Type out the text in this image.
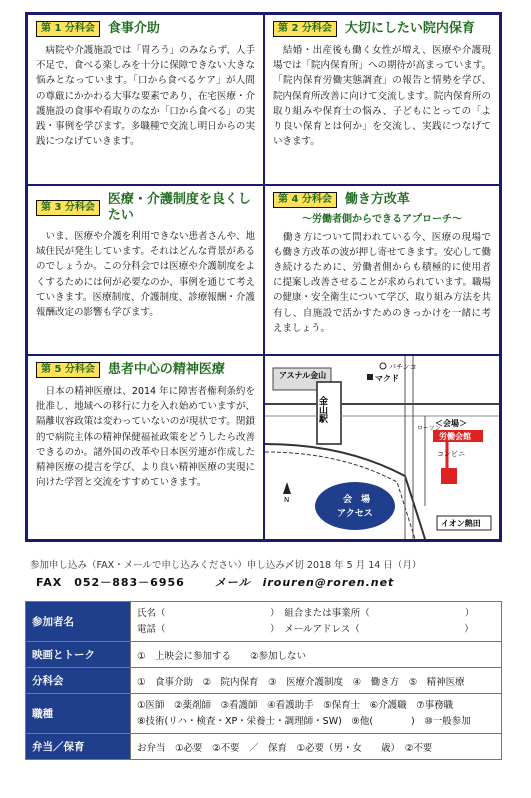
第 1 分科会	食事介助
　病院や介護施設では「胃ろう」のみならず、人手不足で、食べる楽しみを十分に保障できない大きな悩みとなっています。「口から食べるケア」が人間の尊厳にかかわる大事な要素であり、在宅医療・介護施設の食事や看取りのなか「口から食べる」の実践・事例を学びます。多職種で交流し明日からの実践につなげていきます。
第 2 分科会	大切にしたい院内保育
　結婚・出産後も働く女性が増え、医療や介護現場では「院内保育所」への期待が高まっています。「院内保育労働実態調査」の報告と情勢を学び、院内保育所改善に向けて交流します。院内保育所の取り組みや保育士の悩み、子どもにとっての「より良い保育とは何か」を交流し、実践につなげていきます。
第 3 分科会	医療・介護制度を良くしたい
　いま、医療や介護を利用できない患者さんや、地域住民が発生しています。それはどんな背景があるのでしょうか。この分科会では医療や介護制度をよくするためには何が必要なのか、事例を通じて考えていきます。医療制度、介護制度、診療報酬・介護報酬改定の影響も学びます。
第 4 分科会	働き方改革
～労働者側からできるアプローチ～
　働き方について問われている今、医療の現場でも働き方改革の波が押し寄せてきます。安心して働き続けるために、労働者側からも積極的に使用者に提案し改善させることが求められています。職場の健康・安全衛生について学び、取り組み方法を共有し、自施設で活かすためのきっかけを一緒に考えましょう。
第 5 分科会	患者中心の精神医療
　日本の精神医療は、2014 年に障害者権利条約を批准し、地域への移行に力を入れ始めていますが、隔離収容政策は変わっていないのが現状です。閉鎖的で病院主体の精神保健福祉政策をどうしたら改善できるのか。諸外国の改革や日本医労連が作成した精神医療の提言を学び、より良い精神医療の実現に向けた学習と交流をすすめていきます。
アスナル金山
金山駅
パチンコ
マクド
＜会場＞
労働会館
コンビニ
ローソン
会　場
アクセス
イオン熱田
N
参加申し込み（FAX・メールで申し込みください）申し込み〆切 2018 年 5 月 14 日（月）
FAX　052－883－6956	メール　irouren@roren.net
参加者名	氏名（　　　　　　　　　　　）　組合または事業所（　　　　　　　　　　）
電話（　　　　　　　　　　　）　メールアドレス（　　　　　　　　　　　）

映画とトーク	①　上映会に参加する　　②参加しない
分科会	①　食事介助　②　院内保育　③　医療介護制度　④　働き方　⑤　精神医療
職種	①医師　②薬剤師　③看護師　④看護助手　⑤保育士　⑥介護職　⑦事務職
⑧技術(リハ・検査・XP・栄養士・調理師・SW)　⑨他(　　　　)　⑩一般参加

弁当／保育	お弁当　①必要　②不要　／　保育　①必要（男・女　　歳）　②不要
